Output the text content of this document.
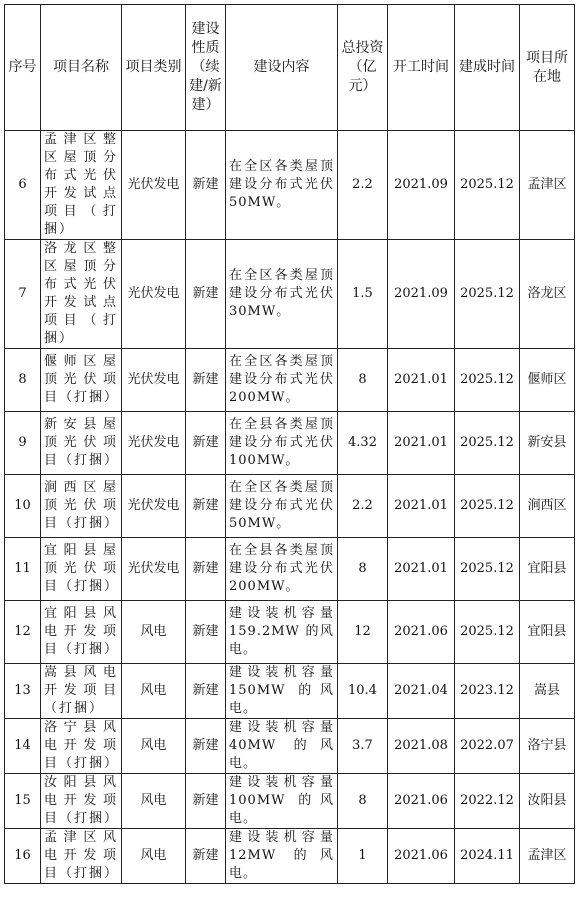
序号	项目名称	项目类别	建设性质（续建/新建）	建设内容	总投资（亿元）	开工时间	建成时间	项目所在地
6	孟津区整区屋顶分布式光伏开发试点项目（打捆）	光伏发电	新建	在全区各类屋顶建设分布式光伏 50MW。	2.2	2021.09	2025.12	孟津区
7	洛龙区整区屋顶分布式光伏开发试点项目（打捆）	光伏发电	新建	在全区各类屋顶建设分布式光伏 30MW。	1.5	2021.09	2025.12	洛龙区
8	偃师区屋顶光伏项目（打捆）	光伏发电	新建	在全区各类屋顶建设分布式光伏 200MW。	8	2021.01	2025.12	偃师区
9	新安县屋顶光伏项目（打捆）	光伏发电	新建	在全县各类屋顶建设分布式光伏 100MW。	4.32	2021.01	2025.12	新安县
10	涧西区屋顶光伏项目（打捆）	光伏发电	新建	在全区各类屋顶建设分布式光伏 50MW。	2.2	2021.01	2025.12	涧西区
11	宜阳县屋顶光伏项目（打捆）	光伏发电	新建	在全县各类屋顶建设分布式光伏 200MW。	8	2021.01	2025.12	宜阳县
12	宜阳县风电开发项目（打捆）	风电	新建	建设装机容量 159.2MW 的风电。	12	2021.06	2025.12	宜阳县
13	嵩县风电开发项目（打捆）	风电	新建	建设装机容量 150MW 的风电。	10.4	2021.04	2023.12	嵩县
14	洛宁县风电开发项目（打捆）	风电	新建	建设装机容量 40MW 的风电。	3.7	2021.08	2022.07	洛宁县
15	汝阳县风电开发项目（打捆）	风电	新建	建设装机容量 100MW 的风电。	8	2021.06	2022.12	汝阳县
16	孟津区风电开发项目（打捆）	风电	新建	建设装机容量 12MW 的风电。	1	2021.06	2024.11	孟津区
